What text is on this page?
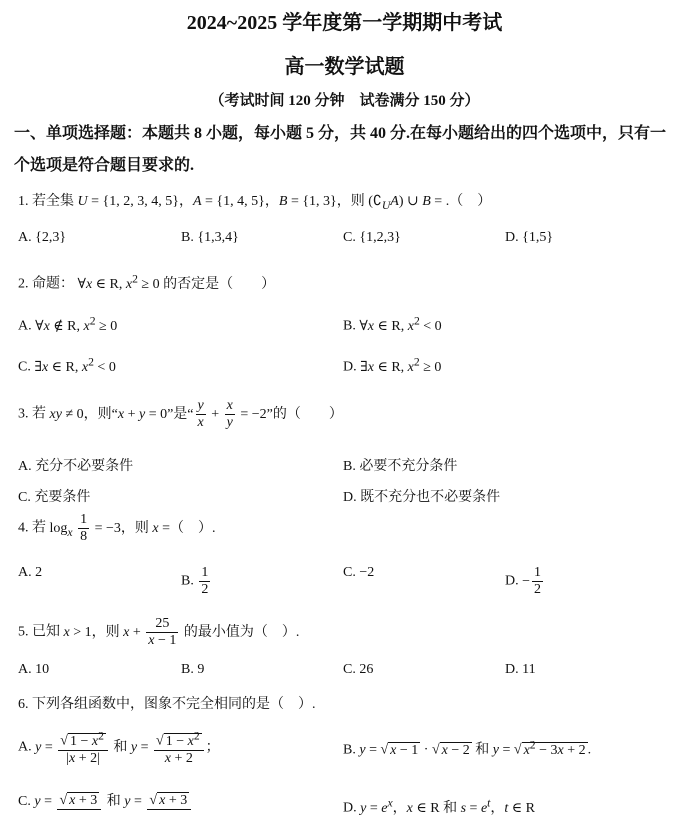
2024~2025 学年度第一学期期中考试
高一数学试题
（考试时间 120 分钟　试卷满分 150 分）
一、单项选择题：本题共 8 小题，每小题 5 分，共 40 分.在每小题给出的四个选项中，只有一
个选项是符合题目要求的.
1. 若全集 U = {1, 2, 3, 4, 5}，A = {1, 4, 5}，B = {1, 3}，则 $(∁_UA)$ ∪ B = .（　）
A. {2,3}	B. {1,3,4}	C. {1,2,3}	D. {1,5}
2. 命题： ∀x ∈ R, $x^2 \ge 0$ 的否定是（　　）
A. ∀x ∉ R, $x^2 \ge 0$	B. ∀x ∈ R, $x^2 < 0$
C. ∃x ∈ R, $x^2 < 0$	D. ∃x ∈ R, $x^2 \ge 0$
3. 若 xy ≠ 0，则“x + y = 0”是“ $\frac{y}{x} + \frac{x}{y} = -2$”的（　　）
A. 充分不必要条件	B. 必要不充分条件
C. 充要条件	D. 既不充分也不必要条件
4. 若 $\log_x \frac{1}{8} = -3$，则 x =（　）.
A. 2
B. $\frac{1}{2}$	C. −2
D. − $\frac{1}{2}$
5. 已知 x > 1，则 $x + \frac{25}{x - 1}$ 的最小值为（　）.
A. 10	B. 9	C. 26	D. 11
6. 下列各组函数中，图象不完全相同的是（　）.
A. $y = \frac{√ 1 - x^2}{|x + 2|}$ 和 $y = \frac{√ 1 - x^2}{x + 2}$ ；	B. y = √ x − 1 · √ x − 2 和 y = √ $x^2 - 3x + 2$ .
C. y = √ x + 3 和 y = √ x + 3	D. $y = e^x$，x ∈ R 和 $s = e^t$，t ∈ R
